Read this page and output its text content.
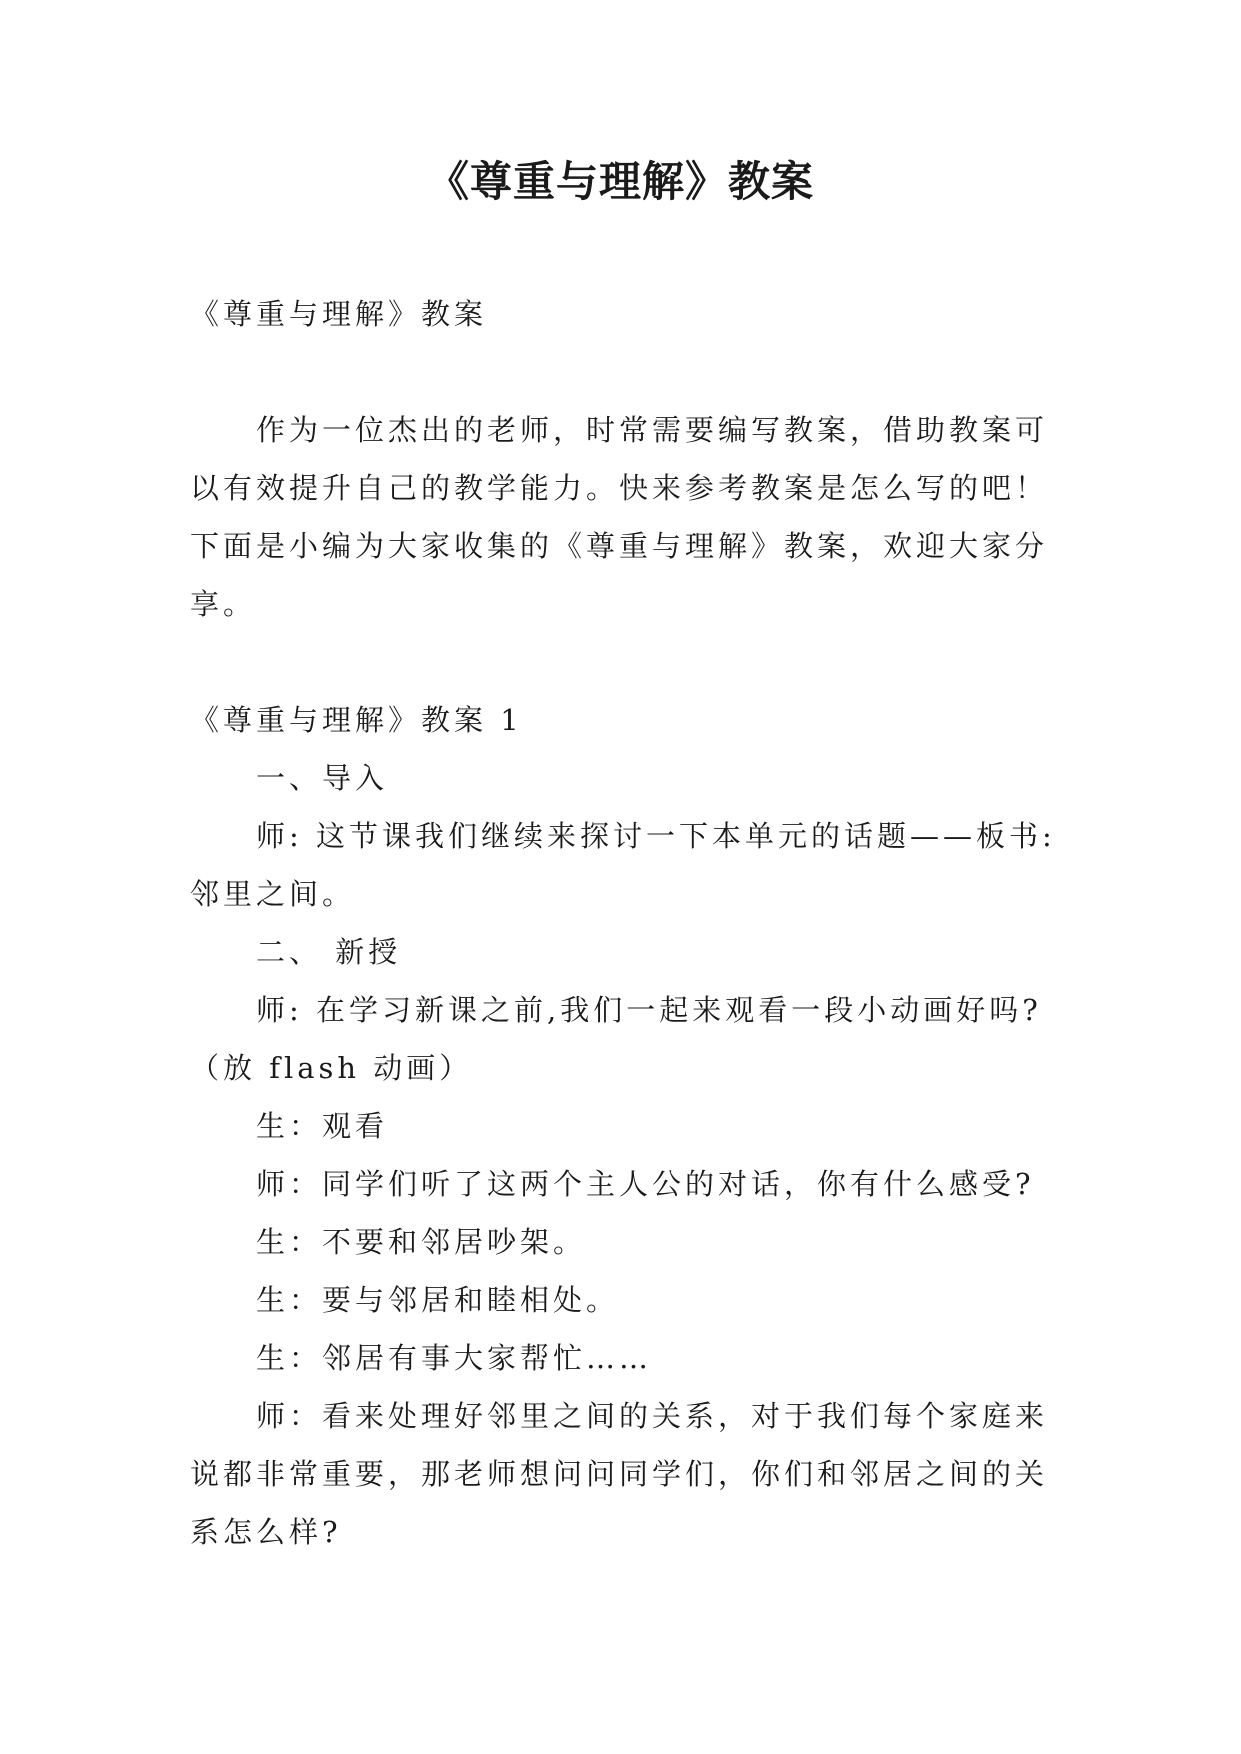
《尊重与理解》教案

《尊重与理解》教案

作为一位杰出的老师，时常需要编写教案，借助教案可

以有效提升自己的教学能力。快来参考教案是怎么写的吧！

下面是小编为大家收集的《尊重与理解》教案，欢迎大家分

享。

《尊重与理解》教案 1

一、导入

师: 这节课我们继续来探讨一下本单元的话题——板书:

邻里之间。

二、 新授

师: 在学习新课之前,我们一起来观看一段小动画好吗?

（放 flash 动画）

生：观看

师：同学们听了这两个主人公的对话，你有什么感受?

生：不要和邻居吵架。

生：要与邻居和睦相处。

生：邻居有事大家帮忙……

师：看来处理好邻里之间的关系，对于我们每个家庭来

说都非常重要，那老师想问问同学们，你们和邻居之间的关

系怎么样?
